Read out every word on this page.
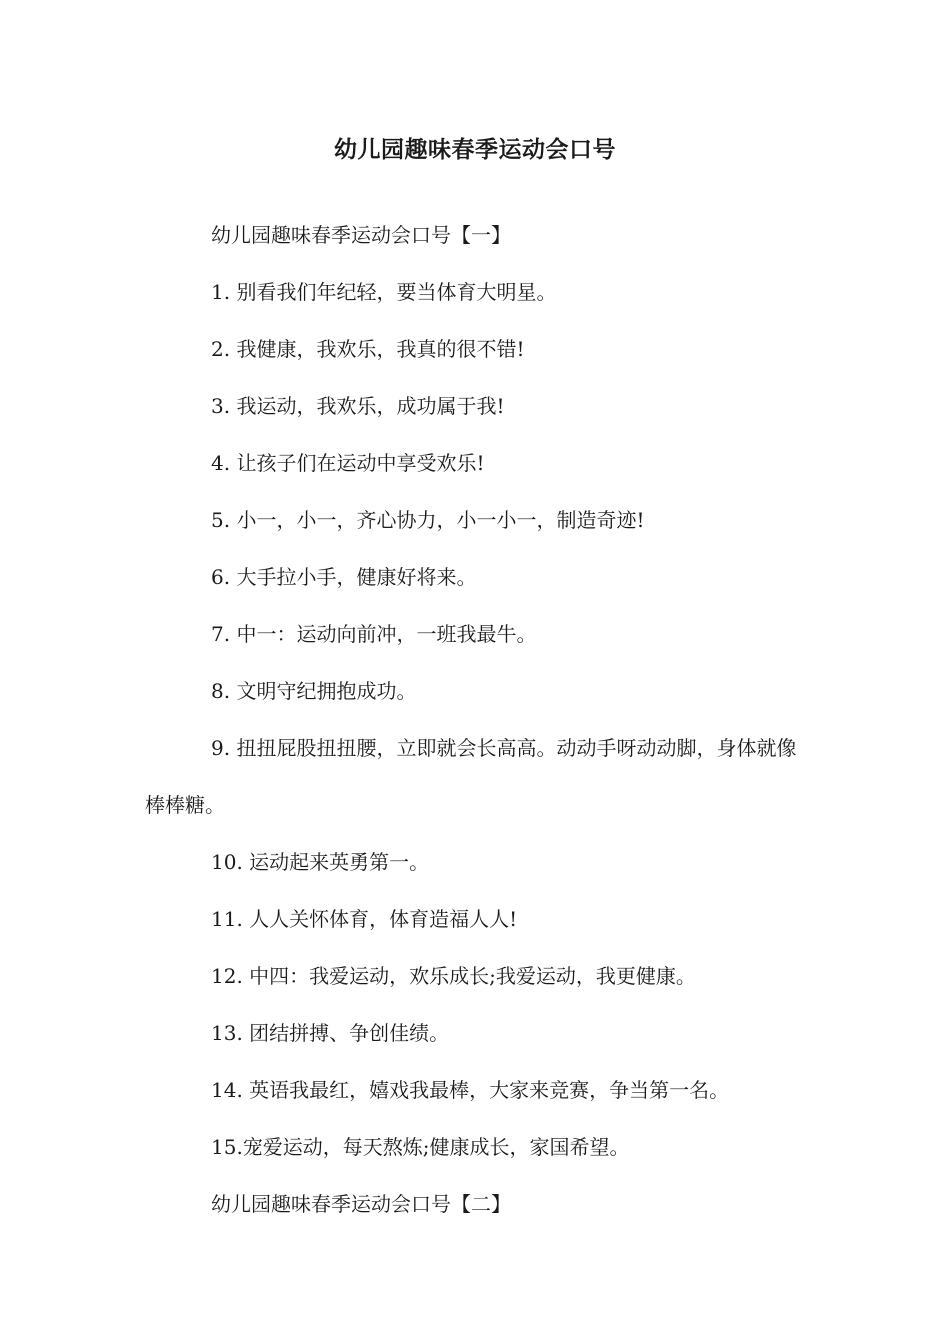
幼儿园趣味春季运动会口号

幼儿园趣味春季运动会口号【一】

1. 别看我们年纪轻，要当体育大明星。

2. 我健康，我欢乐，我真的很不错!

3. 我运动，我欢乐，成功属于我!

4. 让孩子们在运动中享受欢乐!

5. 小一，小一，齐心协力，小一小一，制造奇迹!

6. 大手拉小手，健康好将来。

7. 中一：运动向前冲，一班我最牛。

8. 文明守纪拥抱成功。

9. 扭扭屁股扭扭腰，立即就会长高高。动动手呀动动脚，身体就像棒棒糖。

10. 运动起来英勇第一。

11. 人人关怀体育，体育造福人人!

12. 中四：我爱运动，欢乐成长;我爱运动，我更健康。

13. 团结拼搏、争创佳绩。

14. 英语我最红，嬉戏我最棒，大家来竞赛，争当第一名。

15.宠爱运动，每天熬炼;健康成长，家国希望。

幼儿园趣味春季运动会口号【二】
